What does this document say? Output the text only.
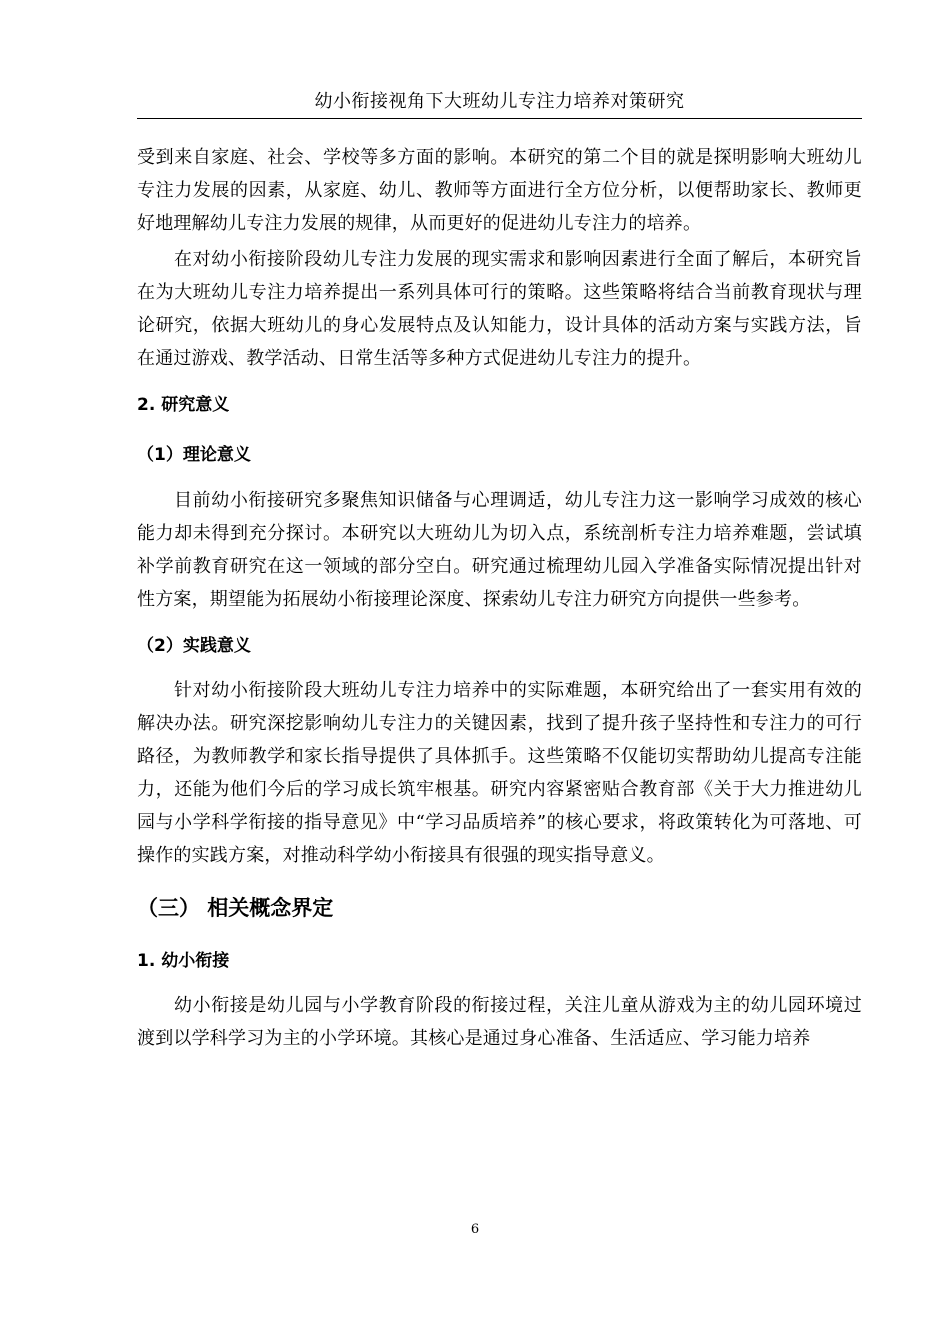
幼小衔接视角下大班幼儿专注力培养对策研究

受到来自家庭、社会、学校等多方面的影响。本研究的第二个目的就是探明影响大班幼儿专注力发展的因素，从家庭、幼儿、教师等方面进行全方位分析，以便帮助家长、教师更好地理解幼儿专注力发展的规律，从而更好的促进幼儿专注力的培养。

在对幼小衔接阶段幼儿专注力发展的现实需求和影响因素进行全面了解后，本研究旨在为大班幼儿专注力培养提出一系列具体可行的策略。这些策略将结合当前教育现状与理论研究，依据大班幼儿的身心发展特点及认知能力，设计具体的活动方案与实践方法，旨在通过游戏、教学活动、日常生活等多种方式促进幼儿专注力的提升。

2. 研究意义
（1）理论意义

目前幼小衔接研究多聚焦知识储备与心理调适，幼儿专注力这一影响学习成效的核心能力却未得到充分探讨。本研究以大班幼儿为切入点，系统剖析专注力培养难题，尝试填补学前教育研究在这一领域的部分空白。研究通过梳理幼儿园入学准备实际情况提出针对性方案，期望能为拓展幼小衔接理论深度、探索幼儿专注力研究方向提供一些参考。

（2）实践意义

针对幼小衔接阶段大班幼儿专注力培养中的实际难题，本研究给出了一套实用有效的解决办法。研究深挖影响幼儿专注力的关键因素，找到了提升孩子坚持性和专注力的可行路径，为教师教学和家长指导提供了具体抓手。这些策略不仅能切实帮助幼儿提高专注能力，还能为他们今后的学习成长筑牢根基。研究内容紧密贴合教育部《关于大力推进幼儿园与小学科学衔接的指导意见》中“学习品质培养”的核心要求，将政策转化为可落地、可操作的实践方案，对推动科学幼小衔接具有很强的现实指导意义。

（三） 相关概念界定
1. 幼小衔接

幼小衔接是幼儿园与小学教育阶段的衔接过程，关注儿童从游戏为主的幼儿园环境过渡到以学科学习为主的小学环境。其核心是通过身心准备、生活适应、学习能力培养

6
